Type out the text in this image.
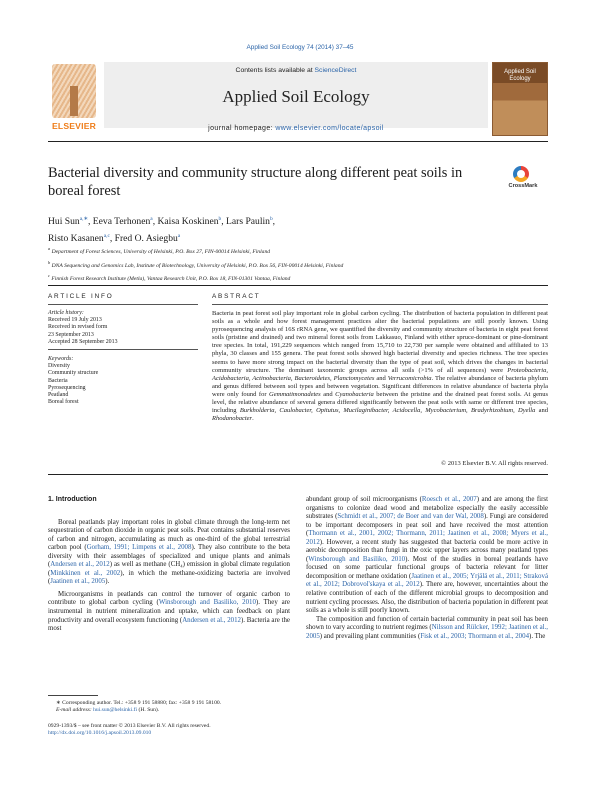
Applied Soil Ecology 74 (2014) 37–45
ELSEVIER
Contents lists available at ScienceDirect
Applied Soil Ecology
journal homepage: www.elsevier.com/locate/apsoil
Applied Soil Ecology
Bacterial diversity and community structure along different peat soils in boreal forest	CrossMark
Hui Sun$^{a,∗}$, Eeva Terhonen$^a$, Kaisa Koskinen$^b$, Lars Paulin$^b$,
Risto Kasanen$^{a,c}$, Fred O. Asiegbu$^a$
$^a$ Department of Forest Sciences, University of Helsinki, P.O. Box 27, FIN-00014 Helsinki, Finland
$^b$ DNA Sequencing and Genomics Lab, Institute of Biotechnology, University of Helsinki, P.O. Box 56, FIN-00014 Helsinki, Finland
$^c$ Finnish Forest Research Institute (Metla), Vantaa Research Unit, P.O. Box 18, FIN-01301 Vantaa, Finland
ARTICLE INFO	ABSTRACT
Article history:
Received 19 July 2013
Received in revised form
23 September 2013
Accepted 28 September 2013
Keywords:
Diversity
Community structure
Bacteria
Pyrosequencing
Peatland
Boreal forest
Bacteria in peat forest soil play important role in global carbon cycling. The distribution of bacteria population in different peat soils as a whole and how forest management practices alter the bacterial populations are still poorly known. Using pyrosequencing analysis of 16S rRNA gene, we quantified the diversity and community structure of bacteria in eight peat forest soils (pristine and drained) and two mineral forest soils from Lakkasuo, Finland with either spruce-dominant or pine-dominant tree species. In total, 191,229 sequences which ranged from 15,710 to 22,730 per sample were obtained and affiliated to 13 phyla, 30 classes and 155 genera. The peat forest soils showed high bacterial diversity and species richness. The tree species seems to have more strong impact on the bacterial diversity than the type of peat soil, which drives the changes in bacterial community structure. The dominant taxonomic groups across all soils (>1% of all sequences) were Proteobacteria, Acidobacteria, Actinobacteria, Bacteroidetes, Planctomycetes and Verrucomicrobia. The relative abundance of bacteria phylum and genus differed between soil types and between vegetation. Significant differences in relative abundance of bacteria phyla were only found for Gemmatimonadetes and Cyanobacteria between the pristine and the drained peat forest soils. At genus level, the relative abundance of several genera differed significantly between the peat soils with same or different tree species, including Burkholderia, Caulobacter, Opitutus, Mucilaginibacter, Acidocella, Mycobacterium, Bradyrhizobium, Dyella and Rhodanobacter.
© 2013 Elsevier B.V. All rights reserved.

1. Introduction

Boreal peatlands play important roles in global climate through the long-term net sequestration of carbon dioxide in organic peat soils. Peat contains substantial reserves of carbon and nitrogen, accumulating as much as one-third of the global terrestrial carbon pool (Gorham, 1991; Limpens et al., 2008). They also contribute to the beta diversity with their assemblages of specialized and unique plants and animals (Andersen et al., 2012) as well as methane (CH₄) emission in global climate regulation (Minkkinen et al., 2002), in which the methane-oxidizing bacteria are involved (Jaatinen et al., 2005).

Microorganisms in peatlands can control the turnover of organic carbon to contribute to global carbon cycling (Winsborough and Basiliko, 2010). They are instrumental in nutrient mineralization and uptake, which can feedback on plant productivity and overall ecosystem functioning (Andersen et al., 2012). Bacteria are the most

abundant group of soil microorganisms (Roesch et al., 2007) and are among the first organisms to colonize dead wood and metabolize especially the easily accessible substrates (Schmidt et al., 2007; de Boer and van der Wal, 2008). Fungi are considered to be important decomposers in peat soil and have received the most attention (Thormann et al., 2001, 2002; Thormann, 2011; Jaatinen et al., 2008; Myers et al., 2012). However, a recent study has suggested that bacteria could be more active in aerobic decomposition than fungi in the oxic upper layers across many peatland types (Winsborough and Basiliko, 2010). Most of the studies in boreal peatlands have focused on some particular functional groups of bacteria relevant for litter decomposition or methane oxidation (Jaatinen et al., 2005; Yrjälä et al., 2011; Straková et al., 2012; Dobrovol'skaya et al., 2012). There are, however, uncertainties about the relative contribution of each of the different microbial groups to decomposition and nutrient cycling processes. Also, the distribution of bacteria population in different peat soils as a whole is still poorly known.

The composition and function of certain bacterial community in peat soil has been shown to vary according to nutrient regimes (Nilsson and Rülcker, 1992; Jaatinen et al., 2005) and prevailing plant communities (Fisk et al., 2003; Thormann et al., 2004). The

∗ Corresponding author. Tel.: +358 9 191 58880; fax: +358 9 191 58100.
E-mail address: hui.sun@helsinki.fi (H. Sun).
0929-1393/$ – see front matter © 2013 Elsevier B.V. All rights reserved.
http://dx.doi.org/10.1016/j.apsoil.2013.09.010
